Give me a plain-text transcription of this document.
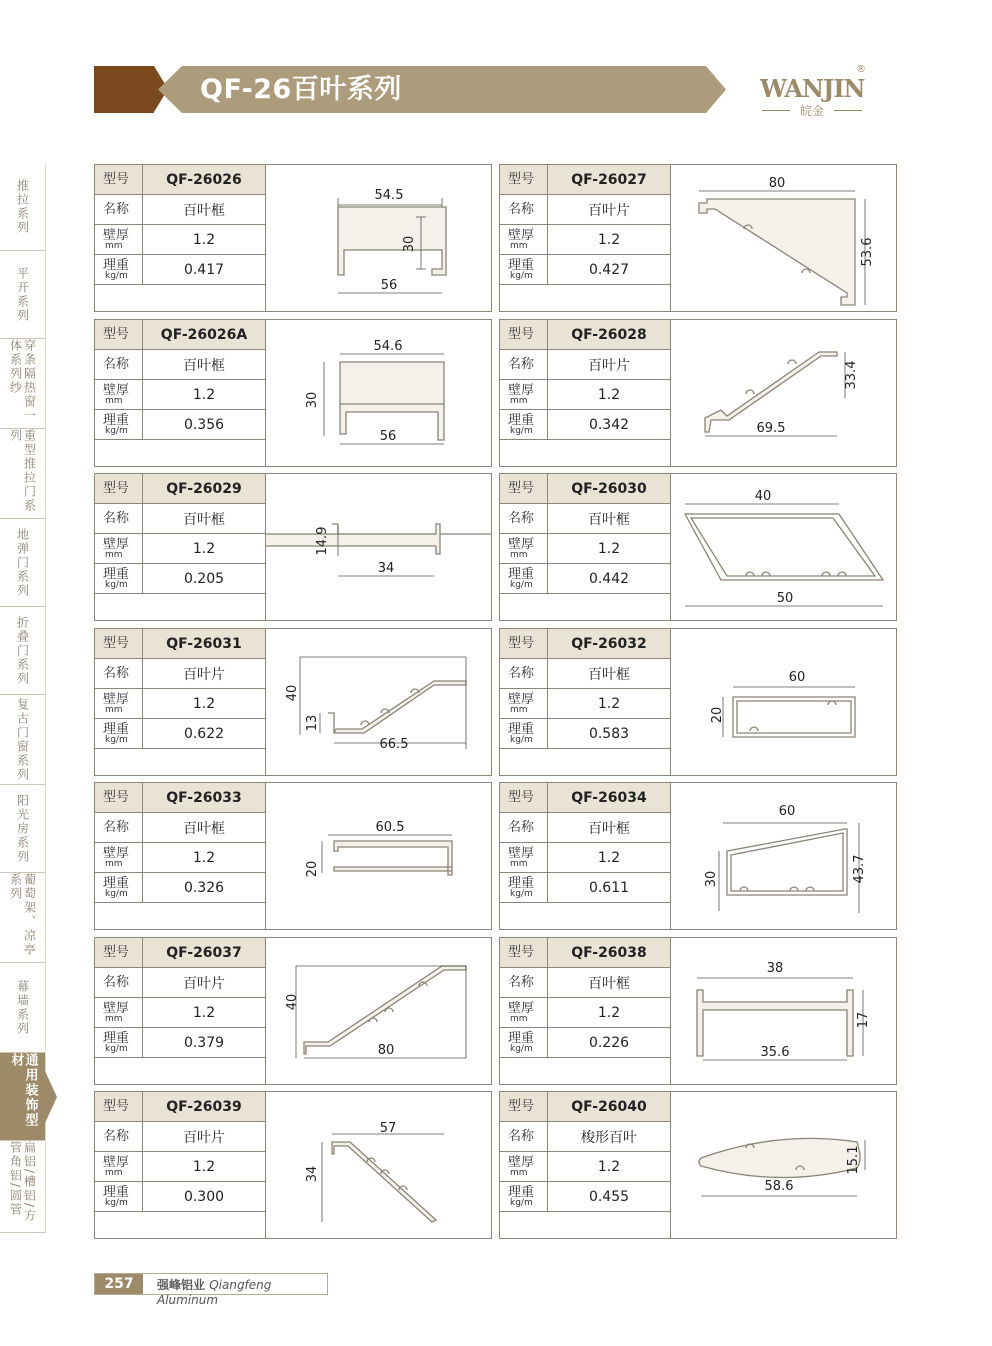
QF-26百叶系列	WANJIN
®
皖金
推拉系列
平开系列
穿条隔热窗一体系列纱
重型推拉门系列
地弹门系列
折叠门系列
复古门窗系列
阳光房系列
葡萄架、凉亭系列
幕墙系列
通用装饰型材
扁铝/槽铝/方管角铝/圆管
型号	QF-26026
名称	百叶框
壁厚
mm	1.2
理重
kg/m	0.417
54.5
30
56
型号	QF-26027
名称	百叶片
壁厚
mm	1.2
理重
kg/m	0.427
80
53.6
型号	QF-26026A
名称	百叶框
壁厚
mm	1.2
理重
kg/m	0.356
54.6
30
56
型号	QF-26028
名称	百叶片
壁厚
mm	1.2
理重
kg/m	0.342
33.4
69.5
型号	QF-26029
名称	百叶框
壁厚
mm	1.2
理重
kg/m	0.205
14.9
34
型号	QF-26030
名称	百叶框
壁厚
mm	1.2
理重
kg/m	0.442
40
50
型号	QF-26031
名称	百叶片
壁厚
mm	1.2
理重
kg/m	0.622
40
13
66.5
型号	QF-26032
名称	百叶框
壁厚
mm	1.2
理重
kg/m	0.583
60
20
型号	QF-26033
名称	百叶框
壁厚
mm	1.2
理重
kg/m	0.326
60.5
20
型号	QF-26034
名称	百叶框
壁厚
mm	1.2
理重
kg/m	0.611
60
30	43.7
型号	QF-26037
名称	百叶片
壁厚
mm	1.2
理重
kg/m	0.379
40
80
型号	QF-26038
名称	百叶框
壁厚
mm	1.2
理重
kg/m	0.226
38
17
35.6
型号	QF-26039
名称	百叶片
壁厚
mm	1.2
理重
kg/m	0.300
57
34
型号	QF-26040
名称	梭形百叶
壁厚
mm	1.2
理重
kg/m	0.455
15.1
58.6
257	强峰铝业 Qiangfeng Aluminum
